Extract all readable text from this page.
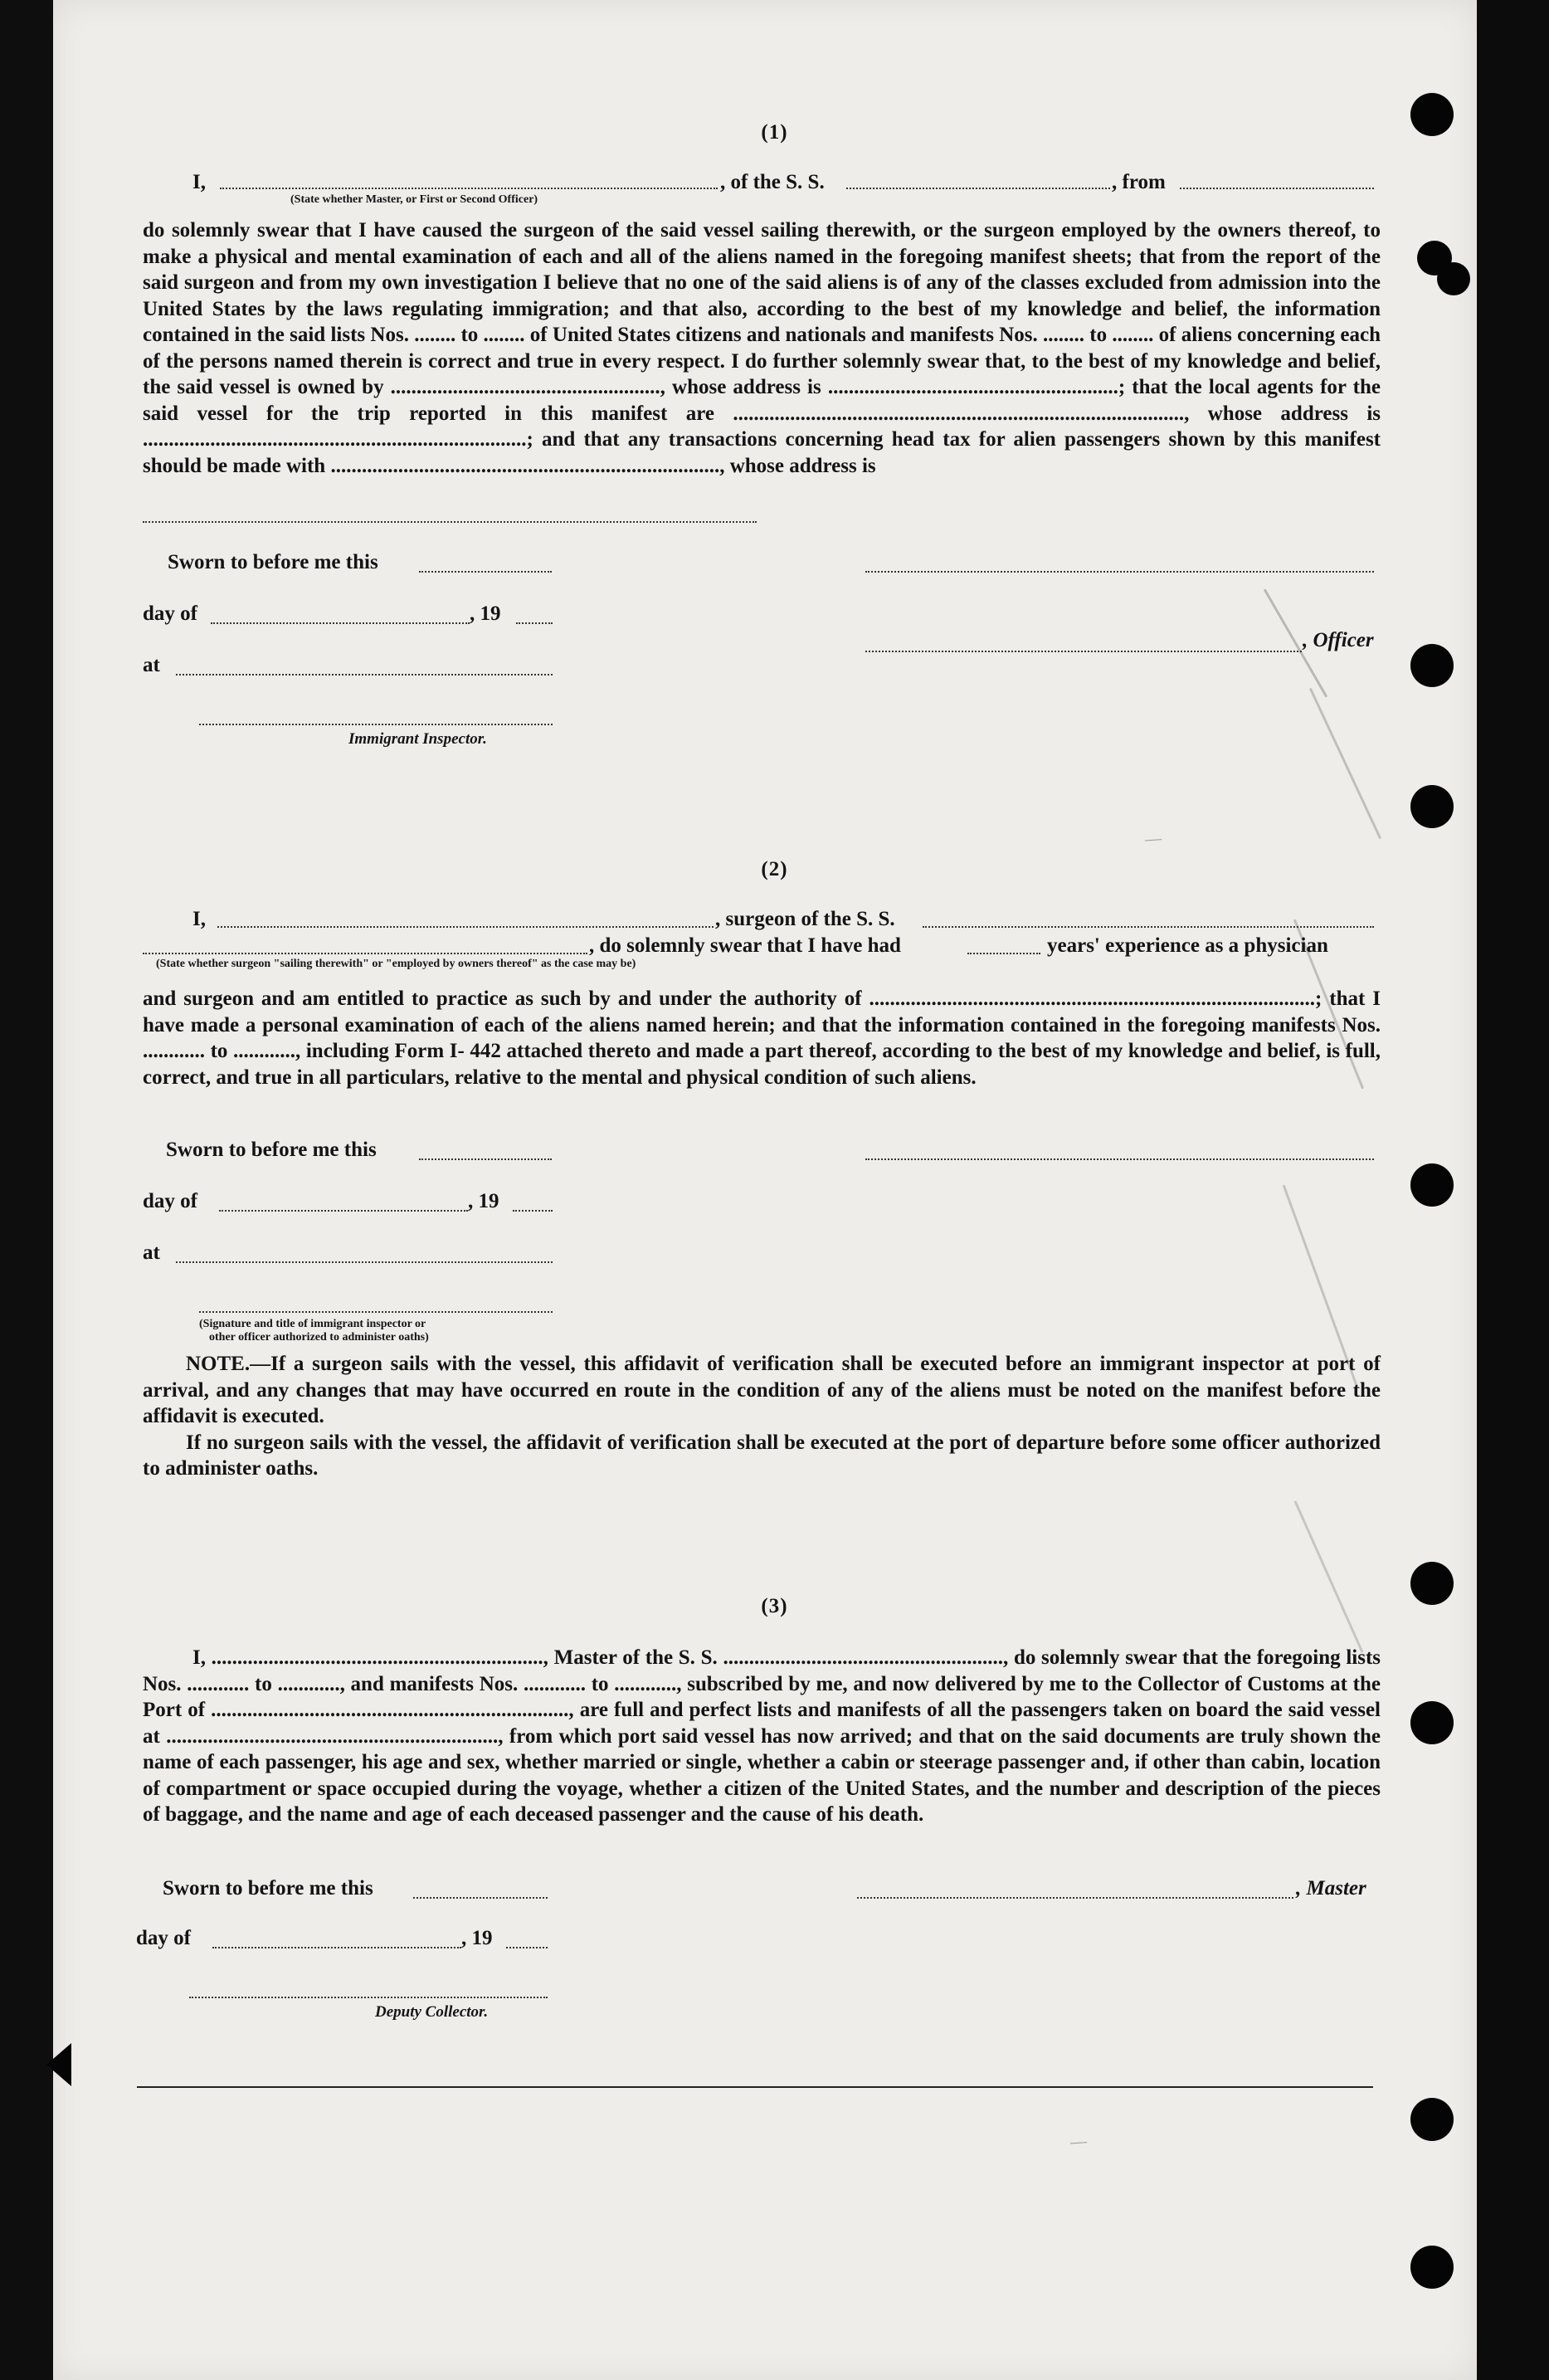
(1)
I,	, of the S. S.	, from
(State whether Master, or First or Second Officer)

do solemnly swear that I have caused the surgeon of the said vessel sailing therewith, or the surgeon employed by the owners thereof, to make a physical and mental examination of each and all of the aliens named in the foregoing manifest sheets; that from the report of the said surgeon and from my own investigation I believe that no one of the said aliens is of any of the classes excluded from admission into the United States by the laws regulating immigration; and that also, according to the best of my knowledge and belief, the information contained in the said lists Nos. ........ to ........ of United States citizens and nationals and manifests Nos. ........ to ........ of aliens concerning each of the persons named therein is correct and true in every respect. I do further solemnly swear that, to the best of my knowledge and belief, the said vessel is owned by ...................................................., whose address is ........................................................; that the local agents for the said vessel for the trip reported in this manifest are ......................................................................................., whose address is ..........................................................................; and that any transactions concerning head tax for alien passengers shown by this manifest should be made with ..........................................................................., whose address is

Sworn to before me this
day of	, 19
, Officer
at
Immigrant Inspector.
(2)
I,	, surgeon of the S. S.
, do solemnly swear that I have had	years' experience as a physician
(State whether surgeon "sailing therewith" or "employed by owners thereof" as the case may be)

and surgeon and am entitled to practice as such by and under the authority of ......................................................................................; that I have made a personal examination of each of the aliens named herein; and that the information contained in the foregoing manifests Nos. ............ to ............, including Form I- 442 attached thereto and made a part thereof, according to the best of my knowledge and belief, is full, correct, and true in all particulars, relative to the mental and physical condition of such aliens.

Sworn to before me this
day of	, 19
at
(Signature and title of immigrant inspector or
other officer authorized to administer oaths)

NOTE.—If a surgeon sails with the vessel, this affidavit of verification shall be executed before an immigrant inspector at port of arrival, and any changes that may have occurred en route in the condition of any of the aliens must be noted on the manifest before the affidavit is executed.

If no surgeon sails with the vessel, the affidavit of verification shall be executed at the port of departure before some officer authorized to administer oaths.

(3)

I, ................................................................, Master of the S. S. ......................................................, do solemnly swear that the foregoing lists Nos. ............ to ............, and manifests Nos. ............ to ............, subscribed by me, and now delivered by me to the Collector of Customs at the Port of ....................................................................., are full and perfect lists and manifests of all the passengers taken on board the said vessel at ................................................................, from which port said vessel has now arrived; and that on the said documents are truly shown the name of each passenger, his age and sex, whether married or single, whether a cabin or steerage passenger and, if other than cabin, location of compartment or space occupied during the voyage, whether a citizen of the United States, and the number and description of the pieces of baggage, and the name and age of each deceased passenger and the cause of his death.

Sworn to before me this	, Master
day of	, 19
Deputy Collector.
—
—
